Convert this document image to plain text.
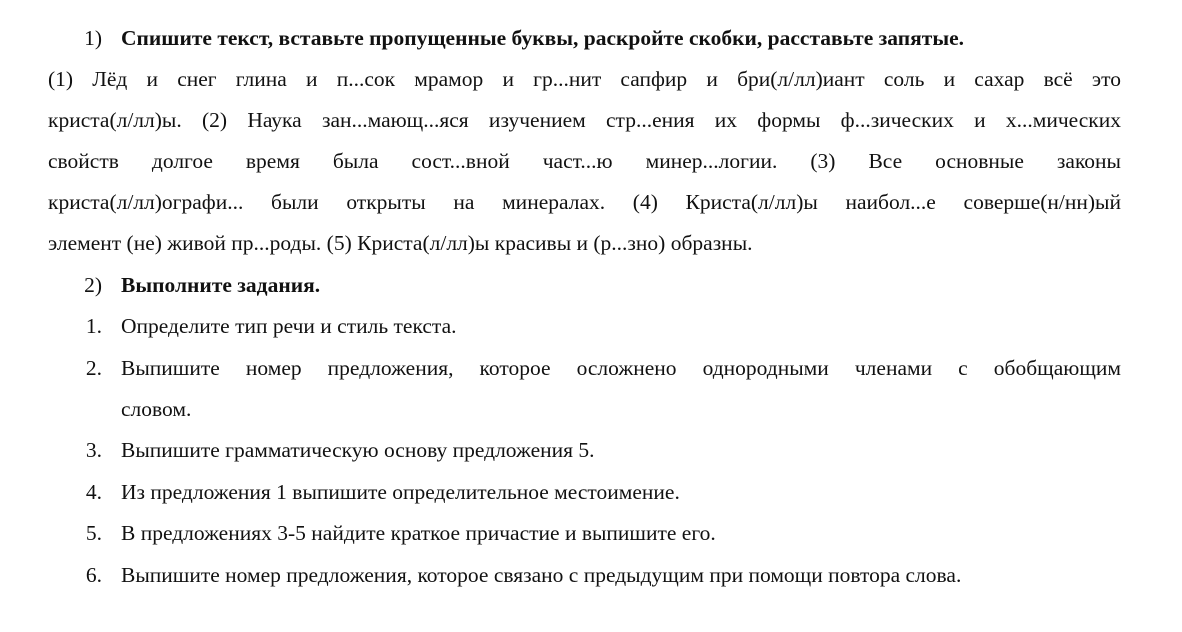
1) Спишите текст, вставьте пропущенные буквы, раскройте скобки, расставьте запятые.
(1) Лёд и снег глина и п...сок мрамор и гр...нит сапфир и бри(л/лл)иант соль и сахар всё это
криста(л/лл)ы. (2) Наука зан...мающ...яся изучением стр...ения их формы ф...зических и х...мических
свойств долгое время была сост...вной част...ю минер...логии. (3) Все основные законы
криста(л/лл)ографи... были открыты на минералах. (4) Криста(л/лл)ы наибол...е соверше(н/нн)ый
элемент (не) живой пр...роды. (5) Криста(л/лл)ы красивы и (р...зно) образны.
2) Выполните задания.
1. Определите тип речи и стиль текста.
2. Выпишите номер предложения, которое осложнено однородными членами с обобщающим
словом.
3. Выпишите грамматическую основу предложения 5.
4. Из предложения 1 выпишите определительное местоимение.
5. В предложениях 3-5 найдите краткое причастие и выпишите его.
6. Выпишите номер предложения, которое связано с предыдущим при помощи повтора слова.
